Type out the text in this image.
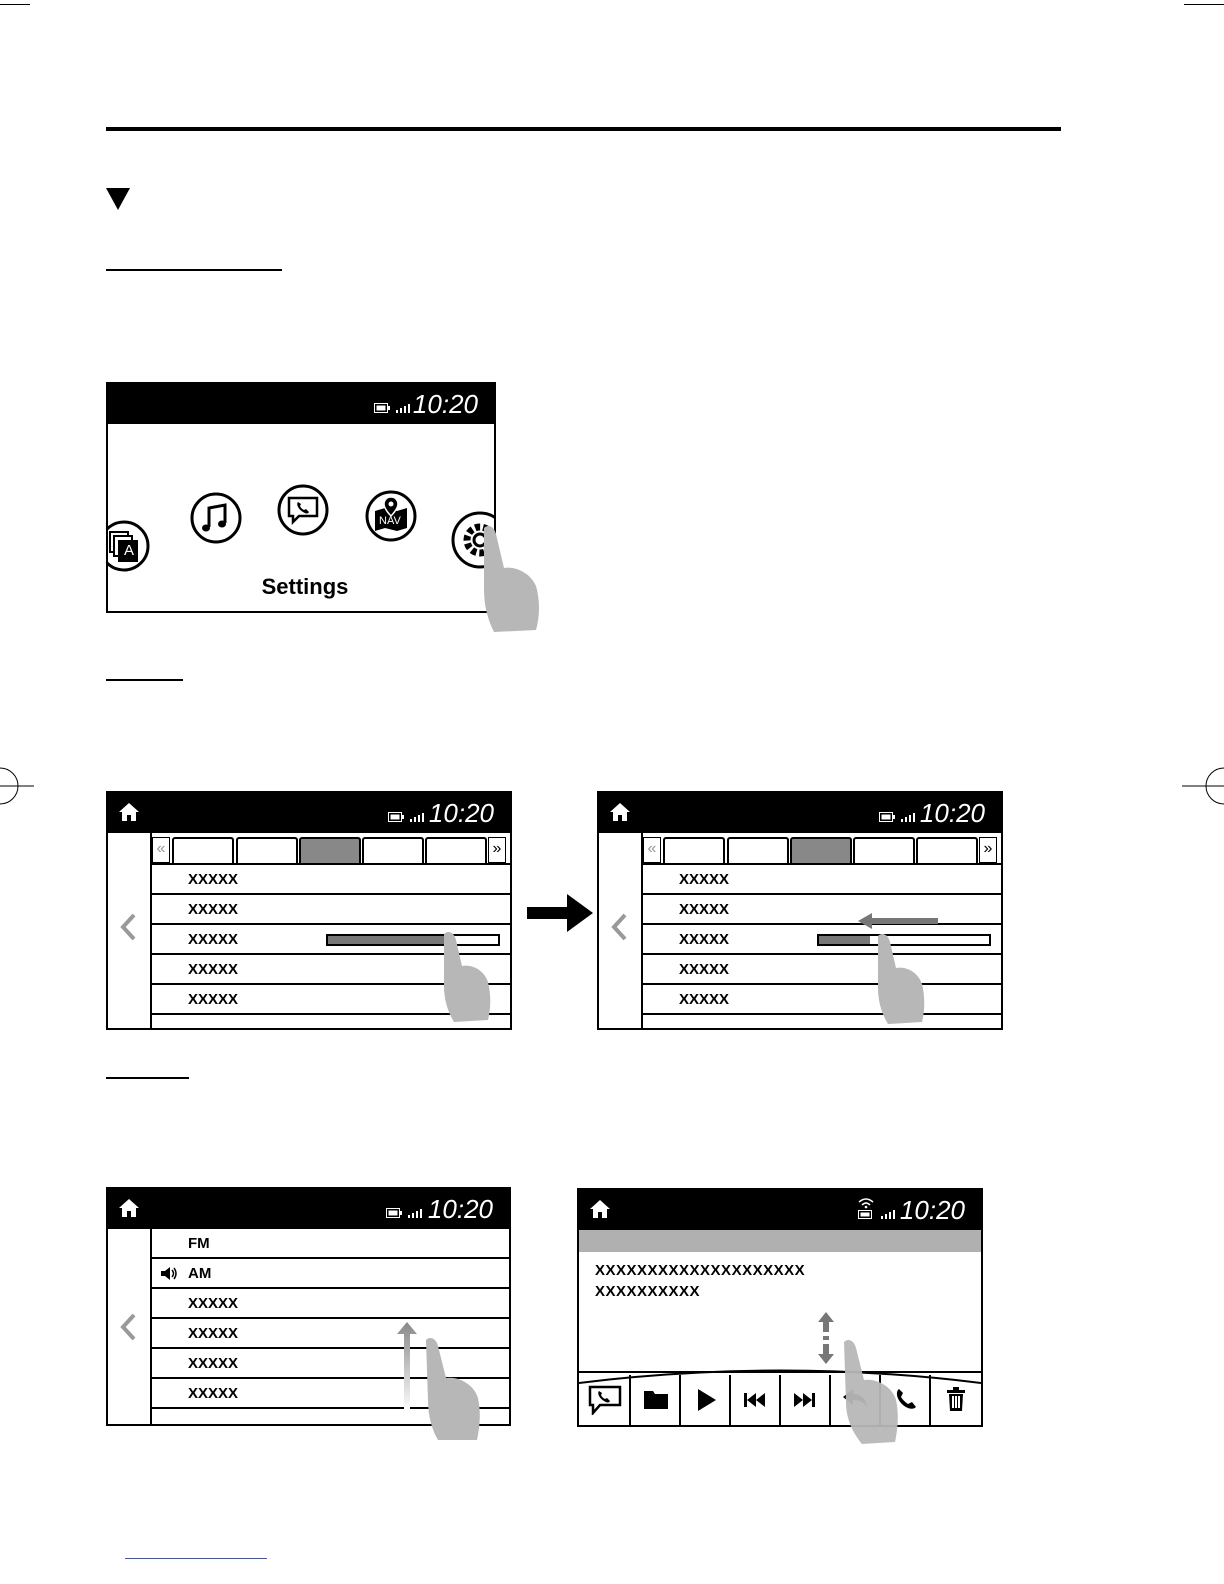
10:20
A
NAV
Settings
10:20
«	»
XXXXX
XXXXX
XXXXX
XXXXX
XXXXX
10:20
«	»
XXXXX
XXXXX
XXXXX
XXXXX
XXXXX
10:20
FM
AM
XXXXX
XXXXX
XXXXX
XXXXX
10:20
XXXXXXXXXXXXXXXXXXXX
XXXXXXXXXX
